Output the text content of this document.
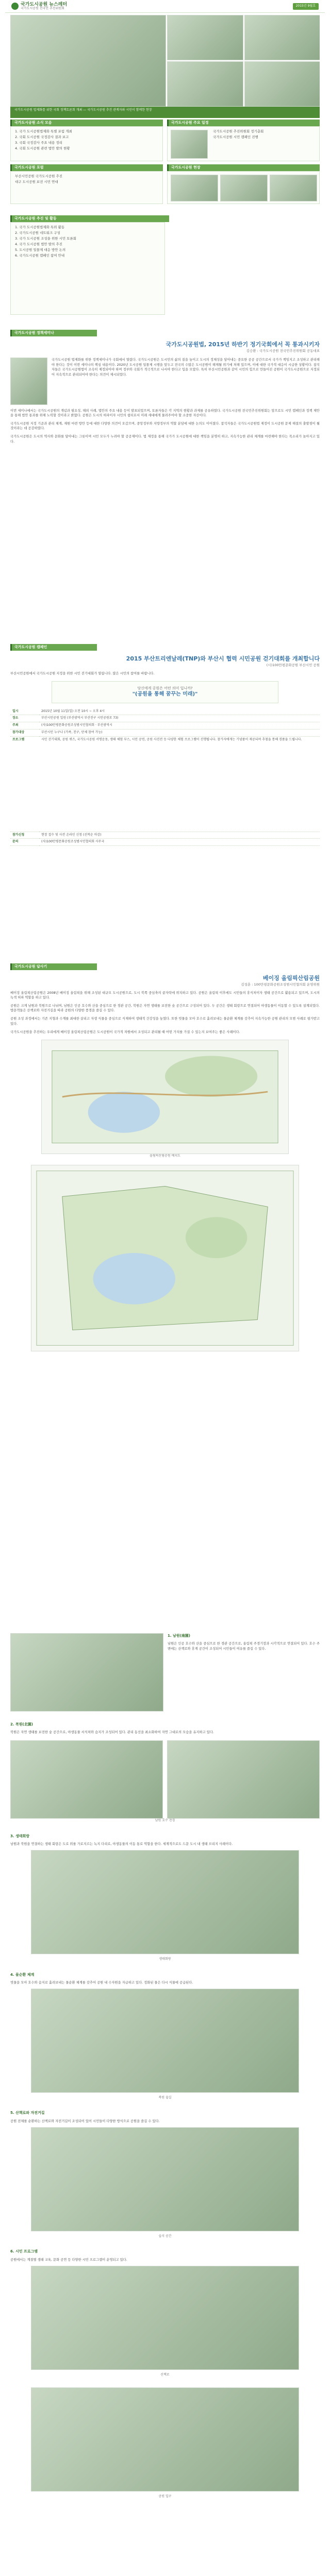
국가도시공원 뉴스레터
국가도시공원 전국민 추진위원회
2015년 9월호
국가도시공원 법제화를 위한 국회 정책토론회 개최 — 국가도시공원 추진 관계자와 시민이 함께한 현장
국가도시공원 소식 모음
1. 국가 도시공원법제화 특별 포럼 개최
2. 국회 도시공원 국정감사 결과 보고
3. 국회 국정감사 주요 내용 정리
4. 국회 도시공원 관련 법안 발의 현황
국가도시공원 주요 일정
국가도시공원 추진위원회 정기총회
국가도시공원 시민 캠페인 진행
국가도시공원 포럼
부산시민공원 국가도시공원 추진
대구 도시공원 보전 시민 연대
국가도시공원 현장
국가도시공원 추진 및 활동
1. 국가 도시공원법제화 특위 활동
2. 국가도시공원 네트워크 구성
3. 국가 도시공원 조성을 위한 시민 토론회
4. 국가 도시공원 법안 발의 추진
5. 도시공원 일몰제 대응 방안 논의
6. 국가도시공원 캠페인 참여 안내
국가도시공원 정책세미나
국가도시공원법, 2015년 하반기 정기국회에서 꼭 통과시키자
김승환 : 국가도시공원 전국민추진위원회 공동대표
국가도시공원 법제화를 위한 정책세미나가 국회에서 열렸다. 국가도시공원은 도시민의 삶의 질을 높이고 도시의 정체성을 담아내는 중요한 공공 공간으로서 국가가 책임지고 조성하고 관리해야 한다는 것이 이번 세미나의 핵심 내용이다. 2020년 도시공원 일몰제 시행을 앞두고 전국의 수많은 도시공원이 해제될 위기에 처해 있으며, 이에 대한 국가적 대응이 시급한 상황이다. 참석자들은 국가도시공원법이 조속히 제정되어야 하며 정부와 국회가 적극적으로 나서야 한다고 입을 모았다. 특히 부산시민공원과 같이 시민의 힘으로 만들어진 공원이 국가도시공원으로 지정되어 지속적으로 관리되어야 한다는 의견이 제시되었다.

이번 세미나에서는 국가도시공원의 개념과 필요성, 해외 사례, 법안의 주요 내용 등이 발표되었으며, 토론자들은 각 지역의 현황과 과제를 공유하였다. 국가도시공원 전국민추진위원회는 앞으로도 시민 캠페인과 정책 제안을 통해 법안 통과를 위해 노력할 것이라고 밝혔다. 공원은 도시의 허파이자 시민의 쉼터로서 미래 세대에게 물려주어야 할 소중한 자산이다.

국가도시공원 지정 기준과 관리 체계, 재원 마련 방안 등에 대한 다양한 의견이 오갔으며, 중앙정부와 지방정부의 역할 분담에 대한 논의도 이어졌다. 참석자들은 국가도시공원법 제정이 도시공원 문제 해결의 출발점이 될 것이라는 데 공감하였다.

국가도시공원은 도시의 역사와 문화를 담아내는 그릇이며 시민 모두가 누려야 할 공공재이다. 법 제정을 통해 국가가 도시공원에 대한 책임을 분명히 하고, 지속가능한 관리 체계를 마련해야 한다는 목소리가 높아지고 있다.

국가도시공원 캠페인
2015 부산트리엔날레(TNP)와 부산시 협력 시민공원 걷기대회를 개최합니다
(시)100만평문화공원 부산시민 공원

부산시민공원에서 국가도시공원 지정을 위한 시민 걷기대회가 열립니다. 많은 시민의 참여를 바랍니다.

당신에게 공원은 어떤 의미 입니까?
"(공원을 통해 꿈꾸는 미래)"
일시	2015년 10월 11일(일) 오전 10시 ~ 오후 4시
장소	부산시민공원 일원 (부산광역시 부산진구 시민공원로 73)
주최	(사)100만평문화공원조성범시민협의회 · 부산광역시
참가대상	부산시민 누구나 (가족, 친구, 단체 참여 가능)
프로그램	시민 걷기대회, 공원 퀴즈, 국가도시공원 서명운동, 생태 체험 부스, 시민 공연, 공원 사진전 등 다양한 체험 프로그램이 진행됩니다. 참가자에게는 기념품이 제공되며 추첨을 통해 경품을 드립니다.
참가신청	현장 접수 및 사전 온라인 신청 (선착순 마감)
문의	(사)100만평문화공원조성범시민협의회 사무국
국가도시공원 답사기
베이징 올림픽산림공원
김성훈 : 100만평문화공원조성범시민협의회 운영위원

베이징 올림픽산림공원은 2008년 베이징 올림픽을 위해 조성된 대규모 도시공원으로, 도시 북쪽 중심축의 끝자락에 위치하고 있다. 공원은 올림픽 이후에도 시민들의 휴식처이자 생태 공간으로 활용되고 있으며, 도시의 녹색 허파 역할을 하고 있다.

공원은 크게 남원과 북원으로 나뉘며, 남원은 인공 호수와 산을 중심으로 한 경관 공간, 북원은 자연 생태를 보전한 숲 공간으로 구성되어 있다. 두 공간은 생태 회랑으로 연결되어 야생동물이 이동할 수 있도록 설계되었다. 방문객들은 산책로와 자전거길을 따라 공원의 다양한 풍경을 즐길 수 있다.

공원 조성 과정에서는 기존 지형과 수계를 최대한 살리고 자생 식물을 중심으로 식재하여 생태적 건강성을 높였다. 또한 빗물을 모아 호수로 흘려보내는 물순환 체계를 갖추어 지속가능한 공원 관리의 모범 사례로 평가받고 있다.

국가도시공원을 추진하는 우리에게 베이징 올림픽산림공원은 도시공원이 국가적 차원에서 조성되고 관리될 때 어떤 가치를 가질 수 있는지 보여주는 좋은 사례이다.

올림픽산림공원 배치도
1. 남원(南園)

남원은 인공 호수와 산을 중심으로 한 경관 공간으로, 올림픽 주경기장과 시각적으로 연결되어 있다. 호수 주변에는 산책로와 휴게 공간이 조성되어 시민들이 여유를 즐길 수 있다.

2. 북원(北園)

북원은 자연 생태를 보전한 숲 공간으로, 야생동물 서식처와 습지가 조성되어 있다. 관리 동선을 최소화하여 자연 그대로의 모습을 유지하고 있다.

남원 호수 전경
3. 생태회랑

남원과 북원을 연결하는 생태 회랑은 도로 위를 가로지르는 녹지 다리로, 야생동물의 이동 통로 역할을 한다. 세계적으로도 드문 도시 내 생태 브리지 사례이다.

생태회랑
4. 물순환 체계

빗물을 모아 호수와 습지로 흘려보내는 물순환 체계를 갖추어 공원 내 수자원을 자급하고 있다. 정화된 물은 다시 식물에 공급된다.

북원 숲길
5. 산책로와 자전거길

공원 전체를 순환하는 산책로와 자전거길이 조성되어 있어 시민들이 다양한 방식으로 공원을 즐길 수 있다.

습지 공간
6. 시민 프로그램

공원에서는 계절별 생태 교육, 문화 공연 등 다양한 시민 프로그램이 운영되고 있다.

산책로
공원 입구
